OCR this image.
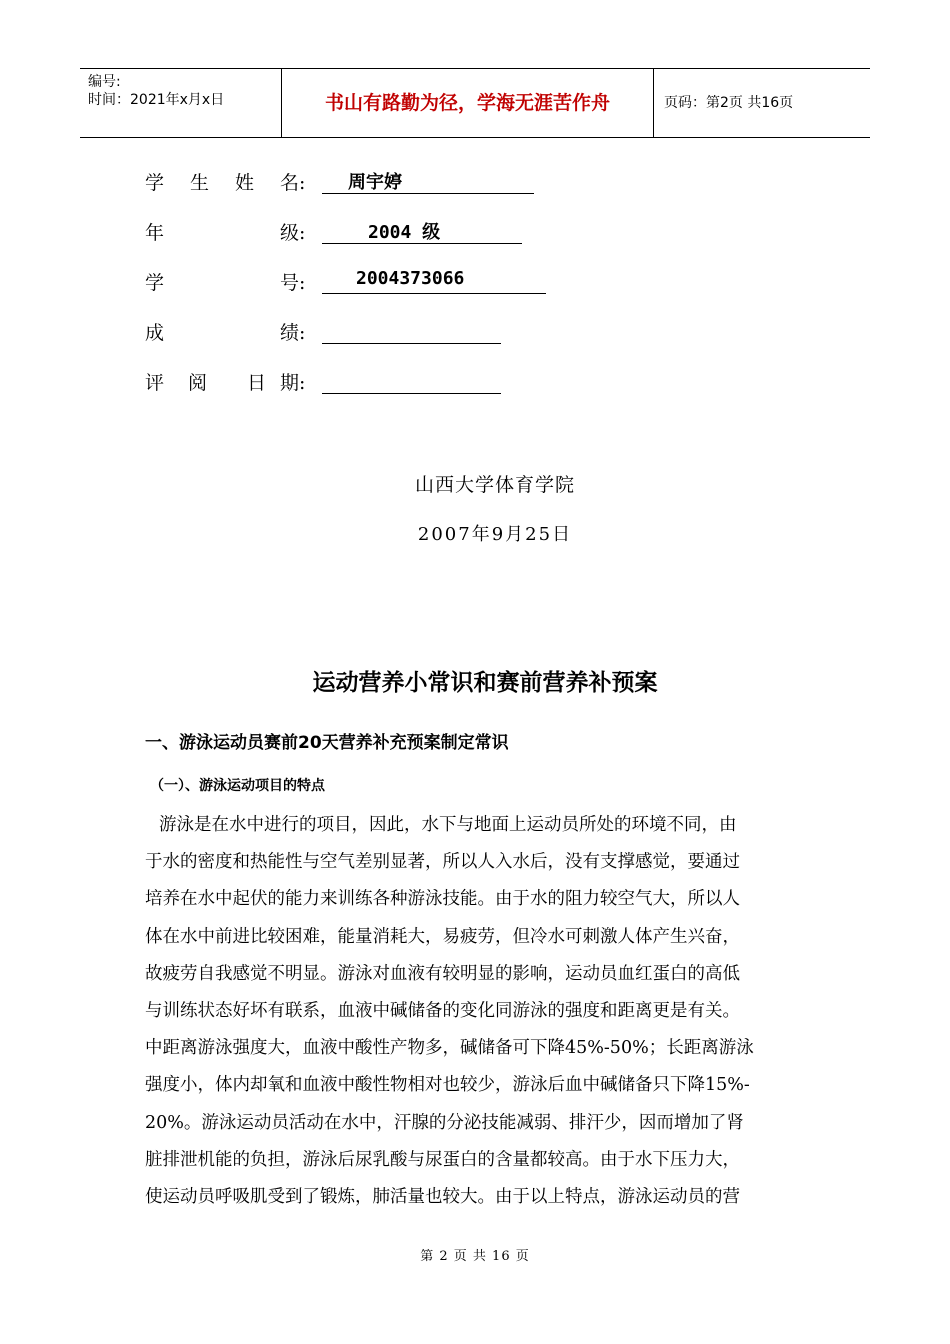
编号:
时间：2021年x月x日	书山有路勤为径，学海无涯苦作舟	页码：第2页 共16页
学 生 姓 名:	周宇婷
年	级:	2004 级
学	号:	2004373066
成	绩:
评 阅 日 期:
山西大学体育学院
2007年9月25日
运动营养小常识和赛前营养补预案
一、游泳运动员赛前20天营养补充预案制定常识
（一）、游泳运动项目的特点
游泳是在水中进行的项目，因此，水下与地面上运动员所处的环境不同，由
于水的密度和热能性与空气差别显著，所以人入水后，没有支撑感觉，要通过
培养在水中起伏的能力来训练各种游泳技能。由于水的阻力较空气大，所以人
体在水中前进比较困难，能量消耗大，易疲劳，但冷水可刺激人体产生兴奋，
故疲劳自我感觉不明显。游泳对血液有较明显的影响，运动员血红蛋白的高低
与训练状态好坏有联系，血液中碱储备的变化同游泳的强度和距离更是有关。
中距离游泳强度大，血液中酸性产物多，碱储备可下降45%-50%；长距离游泳
强度小，体内却氧和血液中酸性物相对也较少，游泳后血中碱储备只下降15%-
20%。游泳运动员活动在水中，汗腺的分泌技能减弱、排汗少，因而增加了肾
脏排泄机能的负担，游泳后尿乳酸与尿蛋白的含量都较高。由于水下压力大，
使运动员呼吸肌受到了锻炼，肺活量也较大。由于以上特点，游泳运动员的营
第 2 页 共 16 页
